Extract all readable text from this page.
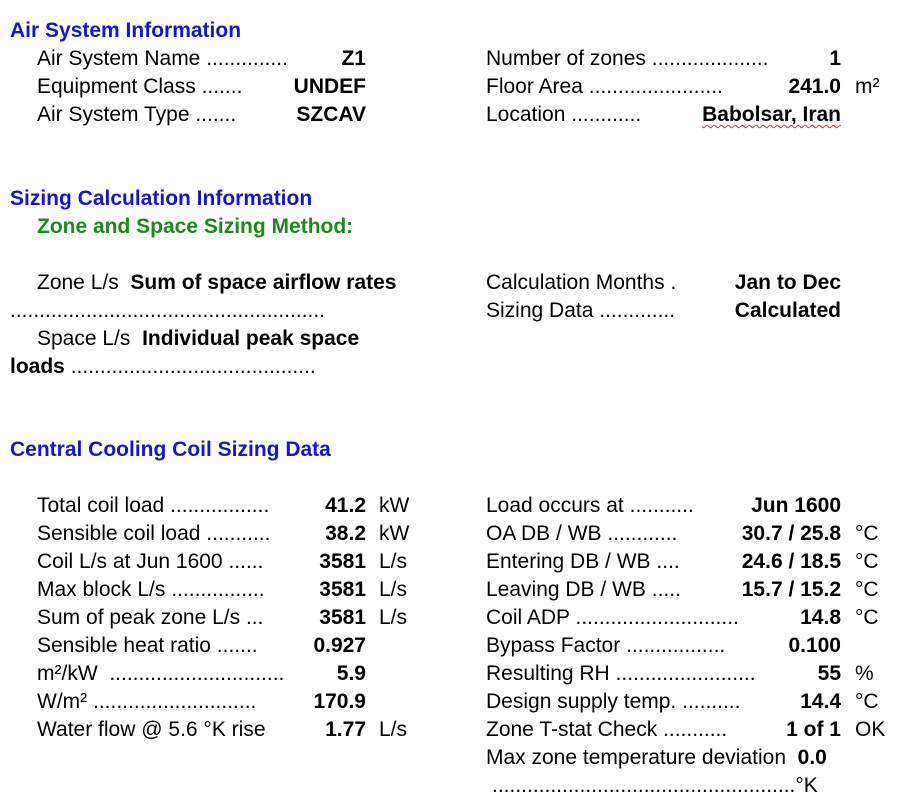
Air System Information
Air System Name ..............	Z1
Equipment Class ....... UNDEF
Air System Type .......	SZCAV
Number of zones ....................	1
Floor Area .......................	241.0 m²
Location ............	Babolsar, Iran
Sizing Calculation Information
Zone and Space Sizing Method:
Zone L/s Sum of space airflow rates
......................................................
Space L/s Individual peak space
loads ..........................................
Calculation Months .	Jan to Dec
Sizing Data .............	Calculated
Central Cooling Coil Sizing Data
Total coil load .................	41.2 kW
Sensible coil load ...........	38.2 kW
Coil L/s at Jun 1600 ......	3581 L/s
Max block L/s ................	3581 L/s
Sum of peak zone L/s ...	3581 L/s
Sensible heat ratio .......	0.927
m²/kW .............................. 5.9
W/m² ............................	170.9
Water flow @ 5.6 °K rise	1.77 L/s
Load occurs at ...........	Jun 1600
OA DB / WB ............	30.7 / 25.8 °C
Entering DB / WB ....	24.6 / 18.5 °C
Leaving DB / WB .....	15.7 / 15.2 °C
Coil ADP ............................	14.8 °C
Bypass Factor .................	0.100
Resulting RH ........................	55 %
Design supply temp. ..........	14.4 °C
Zone T-stat Check ...........	1 of 1 OK
Max zone temperature deviation 0.0
....................................................°K
